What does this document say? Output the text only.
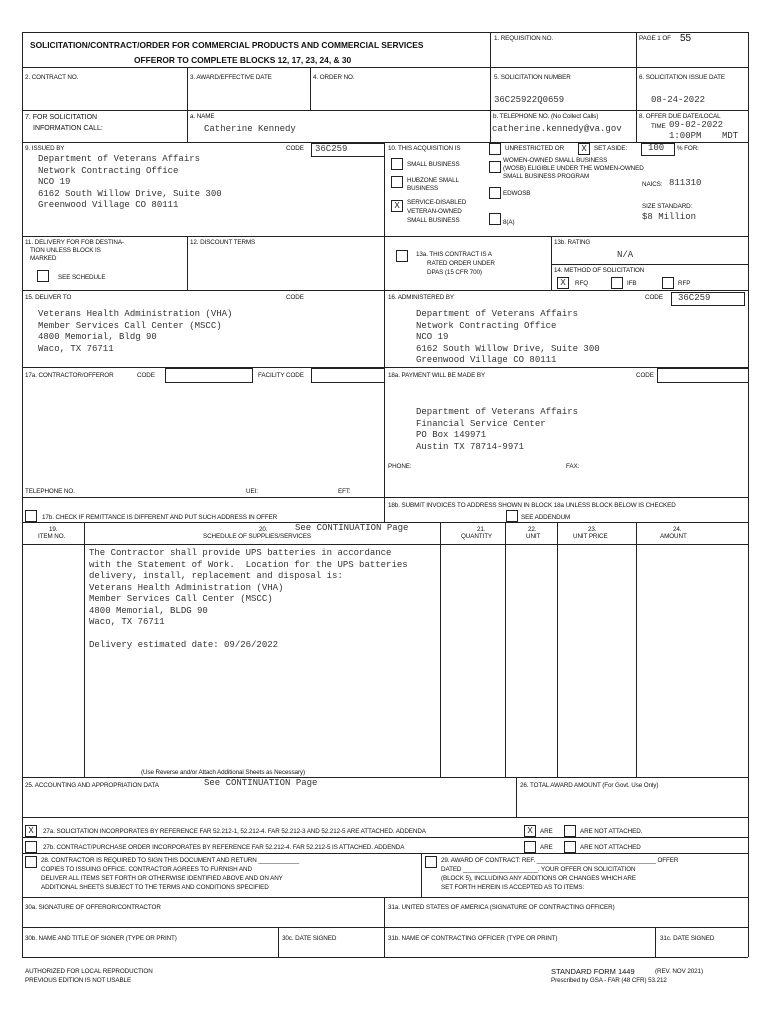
SOLICITATION/CONTRACT/ORDER FOR COMMERCIAL PRODUCTS AND COMMERCIAL SERVICES
OFFEROR TO COMPLETE BLOCKS 12, 17, 23, 24, & 30
1. REQUISITION NO.	PAGE 1 OF 55
2. CONTRACT NO.	3. AWARD/EFFECTIVE DATE	4. ORDER NO.	5. SOLICITATION NUMBER
36C25922Q0659
6. SOLICITATION ISSUE DATE
08-24-2022
7. FOR SOLICITATION
INFORMATION CALL:
a. NAME
Catherine Kennedy
b. TELEPHONE NO. (No Collect Calls)
catherine.kennedy@va.gov
8. OFFER DUE DATE/LOCAL
TIME 09-02-2022
1:00PM MDT
9. ISSUED BY	CODE 36C259
Department of Veterans Affairs
Network Contracting Office
NCO 19
6162 South Willow Drive, Suite 300
Greenwood Village CO 80111
10. THIS ACQUISITION IS	UNRESTRICTED OR	X	SET ASIDE: 100 % FOR:
SMALL BUSINESS
WOMEN-OWNED SMALL BUSINESS
(WOSB) ELIGIBLE UNDER THE WOMEN-OWNED
SMALL BUSINESS PROGRAM
NAICS: 811310
HUBZONE SMALL
BUSINESS
EDWOSB
X	SERVICE-DISABLED
VETERAN-OWNED
SMALL BUSINESS	8(A)
SIZE STANDARD:
$8 Million
11. DELIVERY FOR FOB DESTINA-
TION UNLESS BLOCK IS
MARKED
SEE SCHEDULE
12. DISCOUNT TERMS
13a. THIS CONTRACT IS A
RATED ORDER UNDER
DPAS (15 CFR 700)
13b. RATING
N/A
14. METHOD OF SOLICITATION
X	RFQ	IFB	RFP
15. DELIVER TO	CODE
Veterans Health Administration (VHA)
Member Services Call Center (MSCC)
4800 Memorial, Bldg 90
Waco, TX 76711
16. ADMINISTERED BY	CODE 36C259
Department of Veterans Affairs
Network Contracting Office
NCO 19
6162 South Willow Drive, Suite 300
Greenwood Village CO 80111
17a. CONTRACTOR/OFFEROR	CODE	FACILITY CODE
TELEPHONE NO.	UEI:	EFT:
17b. CHECK IF REMITTANCE IS DIFFERENT AND PUT SUCH ADDRESS IN OFFER
18a. PAYMENT WILL BE MADE BY	CODE
Department of Veterans Affairs
Financial Service Center
PO Box 149971
Austin TX 78714-9971
PHONE:	FAX:
18b. SUBMIT INVOICES TO ADDRESS SHOWN IN BLOCK 18a UNLESS BLOCK BELOW IS CHECKED
SEE ADDENDUM
19.
ITEM NO.
20.
SCHEDULE OF SUPPLIES/SERVICES
See CONTINUATION Page	21.
QUANTITY
22.
UNIT
23.
UNIT PRICE
24.
AMOUNT
The Contractor shall provide UPS batteries in accordance
with the Statement of Work.  Location for the UPS batteries
delivery, install, replacement and disposal is:
Veterans Health Administration (VHA)
Member Services Call Center (MSCC)
4800 Memorial, BLDG 90
Waco, TX 76711

Delivery estimated date: 09/26/2022
(Use Reverse and/or Attach Additional Sheets as Necessary)
25. ACCOUNTING AND APPROPRIATION DATA	See CONTINUATION Page	26. TOTAL AWARD AMOUNT (For Govt. Use Only)
X	27a. SOLICITATION INCORPORATES BY REFERENCE FAR 52.212-1, 52.212-4. FAR 52.212-3 AND 52.212-5 ARE ATTACHED. ADDENDA	X	ARE	ARE NOT ATTACHED.
27b. CONTRACT/PURCHASE ORDER INCORPORATES BY REFERENCE FAR 52.212-4. FAR 52.212-5 IS ATTACHED. ADDENDA	ARE	ARE NOT ATTACHED
28. CONTRACTOR IS REQUIRED TO SIGN THIS DOCUMENT AND RETURN ____________
COPIES TO ISSUING OFFICE. CONTRACTOR AGREES TO FURNISH AND
DELIVER ALL ITEMS SET FORTH OR OTHERWISE IDENTIFIED ABOVE AND ON ANY
ADDITIONAL SHEETS SUBJECT TO THE TERMS AND CONDITIONS SPECIFIED
29. AWARD OF CONTRACT: REF. ___________________________________ OFFER
DATED ______________________. YOUR OFFER ON SOLICITATION
(BLOCK 5), INCLUDING ANY ADDITIONS OR CHANGES WHICH ARE
SET FORTH HEREIN IS ACCEPTED AS TO ITEMS:
30a. SIGNATURE OF OFFEROR/CONTRACTOR	31a. UNITED STATES OF AMERICA (SIGNATURE OF CONTRACTING OFFICER)
30b. NAME AND TITLE OF SIGNER (TYPE OR PRINT)	30c. DATE SIGNED	31b. NAME OF CONTRACTING OFFICER (TYPE OR PRINT)	31c. DATE SIGNED
AUTHORIZED FOR LOCAL REPRODUCTION
PREVIOUS EDITION IS NOT USABLE
STANDARD FORM 1449	(REV. NOV 2021)
Prescribed by GSA - FAR (48 CFR) 53.212
